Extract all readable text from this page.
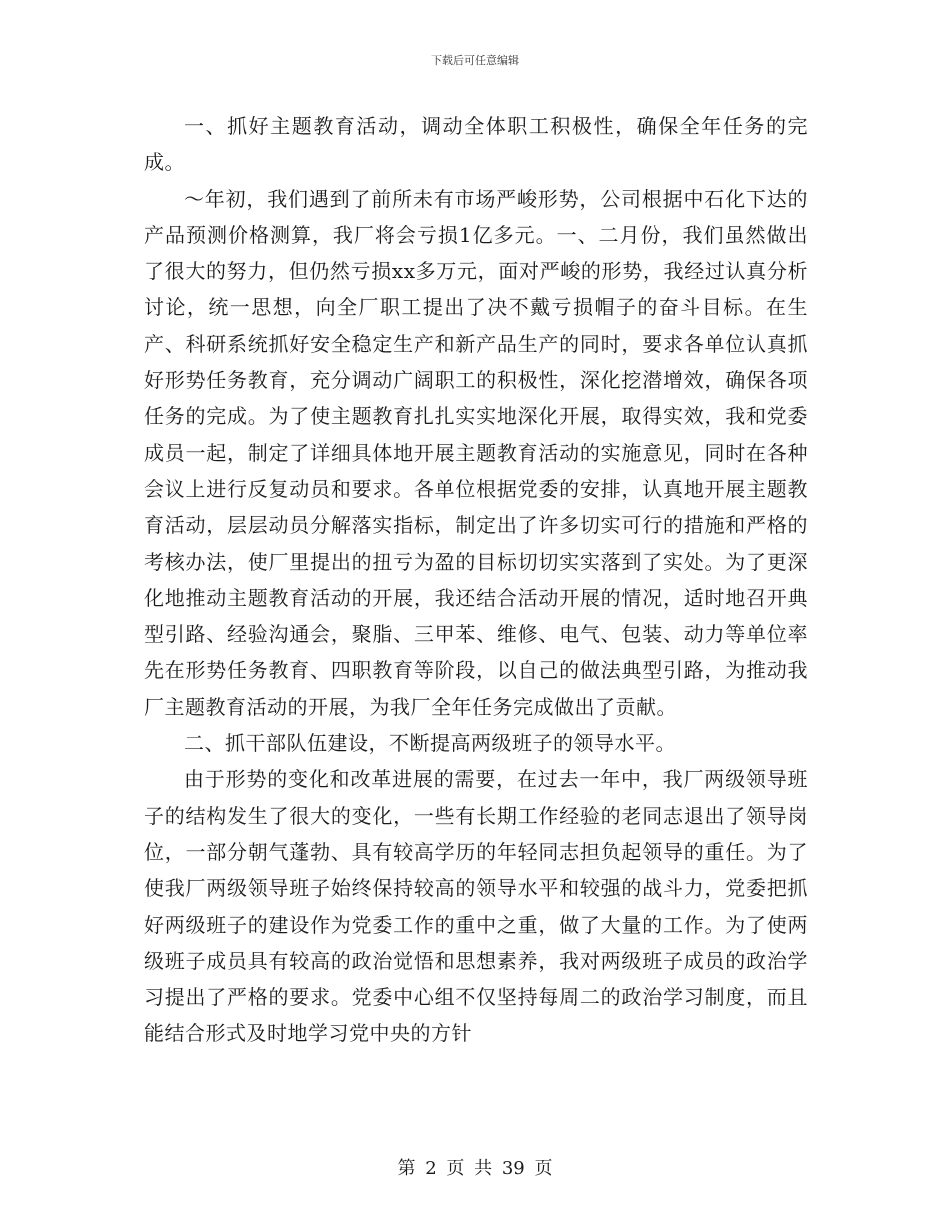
下载后可任意编辑

一、抓好主题教育活动，调动全体职工积极性，确保全年任务的完成。

～年初，我们遇到了前所未有市场严峻形势，公司根据中石化下达的产品预测价格测算，我厂将会亏损1亿多元。一、二月份，我们虽然做出了很大的努力，但仍然亏损xx多万元，面对严峻的形势，我经过认真分析讨论，统一思想，向全厂职工提出了决不戴亏损帽子的奋斗目标。在生产、科研系统抓好安全稳定生产和新产品生产的同时，要求各单位认真抓好形势任务教育，充分调动广阔职工的积极性，深化挖潜增效，确保各项任务的完成。为了使主题教育扎扎实实地深化开展，取得实效，我和党委成员一起，制定了详细具体地开展主题教育活动的实施意见，同时在各种会议上进行反复动员和要求。各单位根据党委的安排，认真地开展主题教育活动，层层动员分解落实指标，制定出了许多切实可行的措施和严格的考核办法，使厂里提出的扭亏为盈的目标切切实实落到了实处。为了更深化地推动主题教育活动的开展，我还结合活动开展的情况，适时地召开典型引路、经验沟通会，聚脂、三甲苯、维修、电气、包装、动力等单位率先在形势任务教育、四职教育等阶段，以自己的做法典型引路，为推动我厂主题教育活动的开展，为我厂全年任务完成做出了贡献。

二、抓干部队伍建设，不断提高两级班子的领导水平。

由于形势的变化和改革进展的需要，在过去一年中，我厂两级领导班子的结构发生了很大的变化，一些有长期工作经验的老同志退出了领导岗位，一部分朝气蓬勃、具有较高学历的年轻同志担负起领导的重任。为了使我厂两级领导班子始终保持较高的领导水平和较强的战斗力，党委把抓好两级班子的建设作为党委工作的重中之重，做了大量的工作。为了使两级班子成员具有较高的政治觉悟和思想素养，我对两级班子成员的政治学习提出了严格的要求。党委中心组不仅坚持每周二的政治学习制度，而且能结合形式及时地学习党中央的方针

第 2 页 共 39 页
